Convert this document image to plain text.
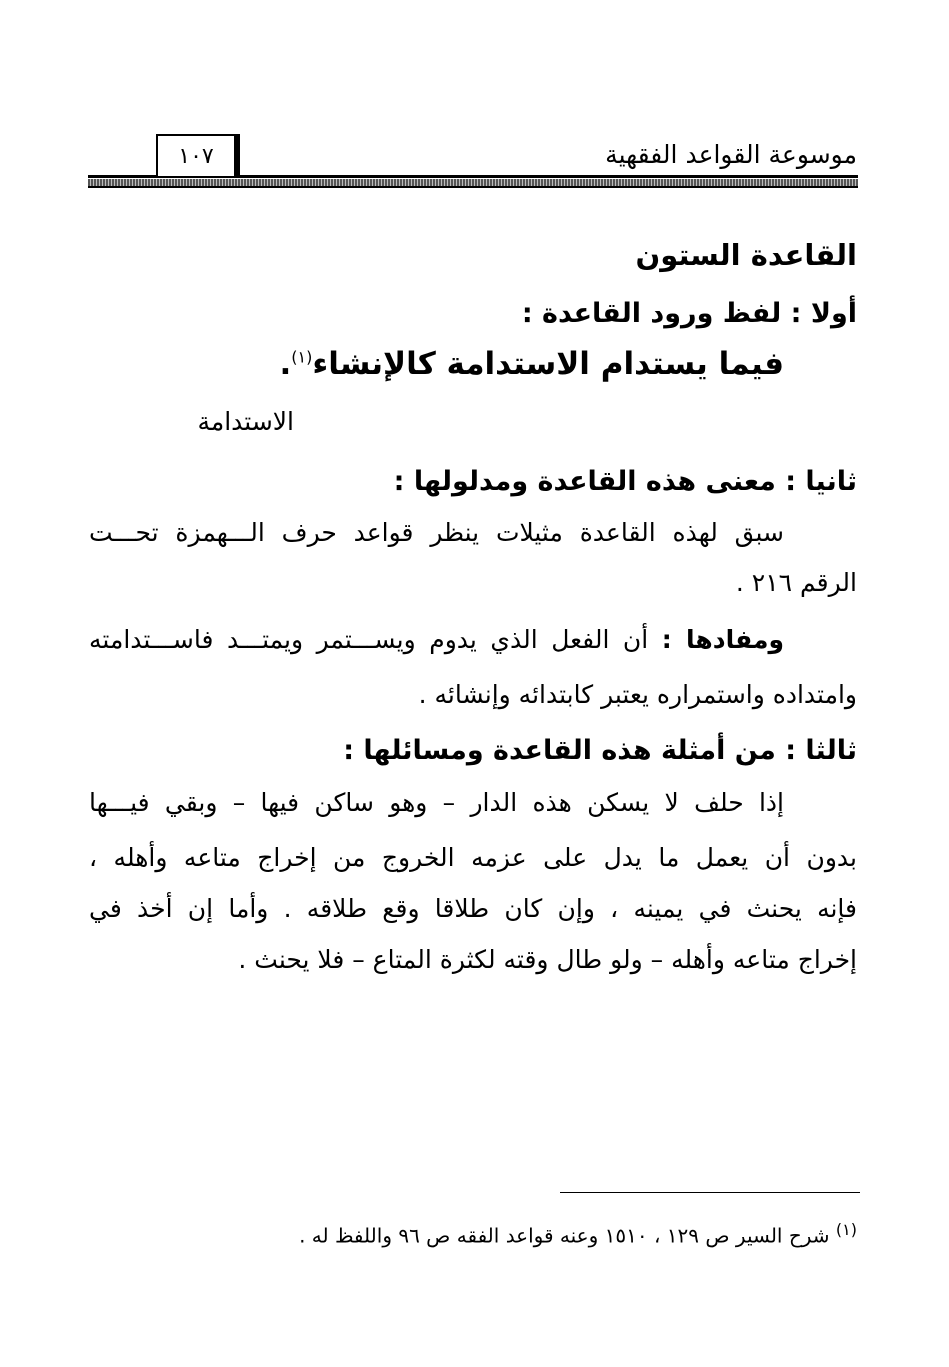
موسوعة القواعد الفقهية
١٠٧

القاعدة الستون

أولا : لفظ ورود القاعدة :

فيما يستدام الاستدامة كالإنشاء$^{(١)}$.

الاستدامة

ثانيا : معنى هذه القاعدة ومدلولها :

سبق لهذه القاعدة مثيلات ينظر قواعد حرف الـــهمزة تحـــت

الرقم ٢١٦ .

ومفادها : أن الفعل الذي يدوم ويســـتمر ويمتـــد فاســـتدامته

وامتداده واستمراره يعتبر كابتدائه وإنشائه .

ثالثا : من أمثلة هذه القاعدة ومسائلها :

إذا حلف لا يسكن هذه الدار – وهو ساكن فيها – وبقي فيـــها

بدون أن يعمل ما يدل على عزمه الخروج من إخراج متاعه وأهله ،

فإنه يحنث في يمينه ، وإن كان طلاقا وقع طلاقه . وأما إن أخذ في

إخراج متاعه وأهله – ولو طال وقته لكثرة المتاع – فلا يحنث .

$^{(١)}$ شرح السير ص ١٢٩ ، ١٥١٠ وعنه قواعد الفقه ص ٩٦ واللفظ له .
